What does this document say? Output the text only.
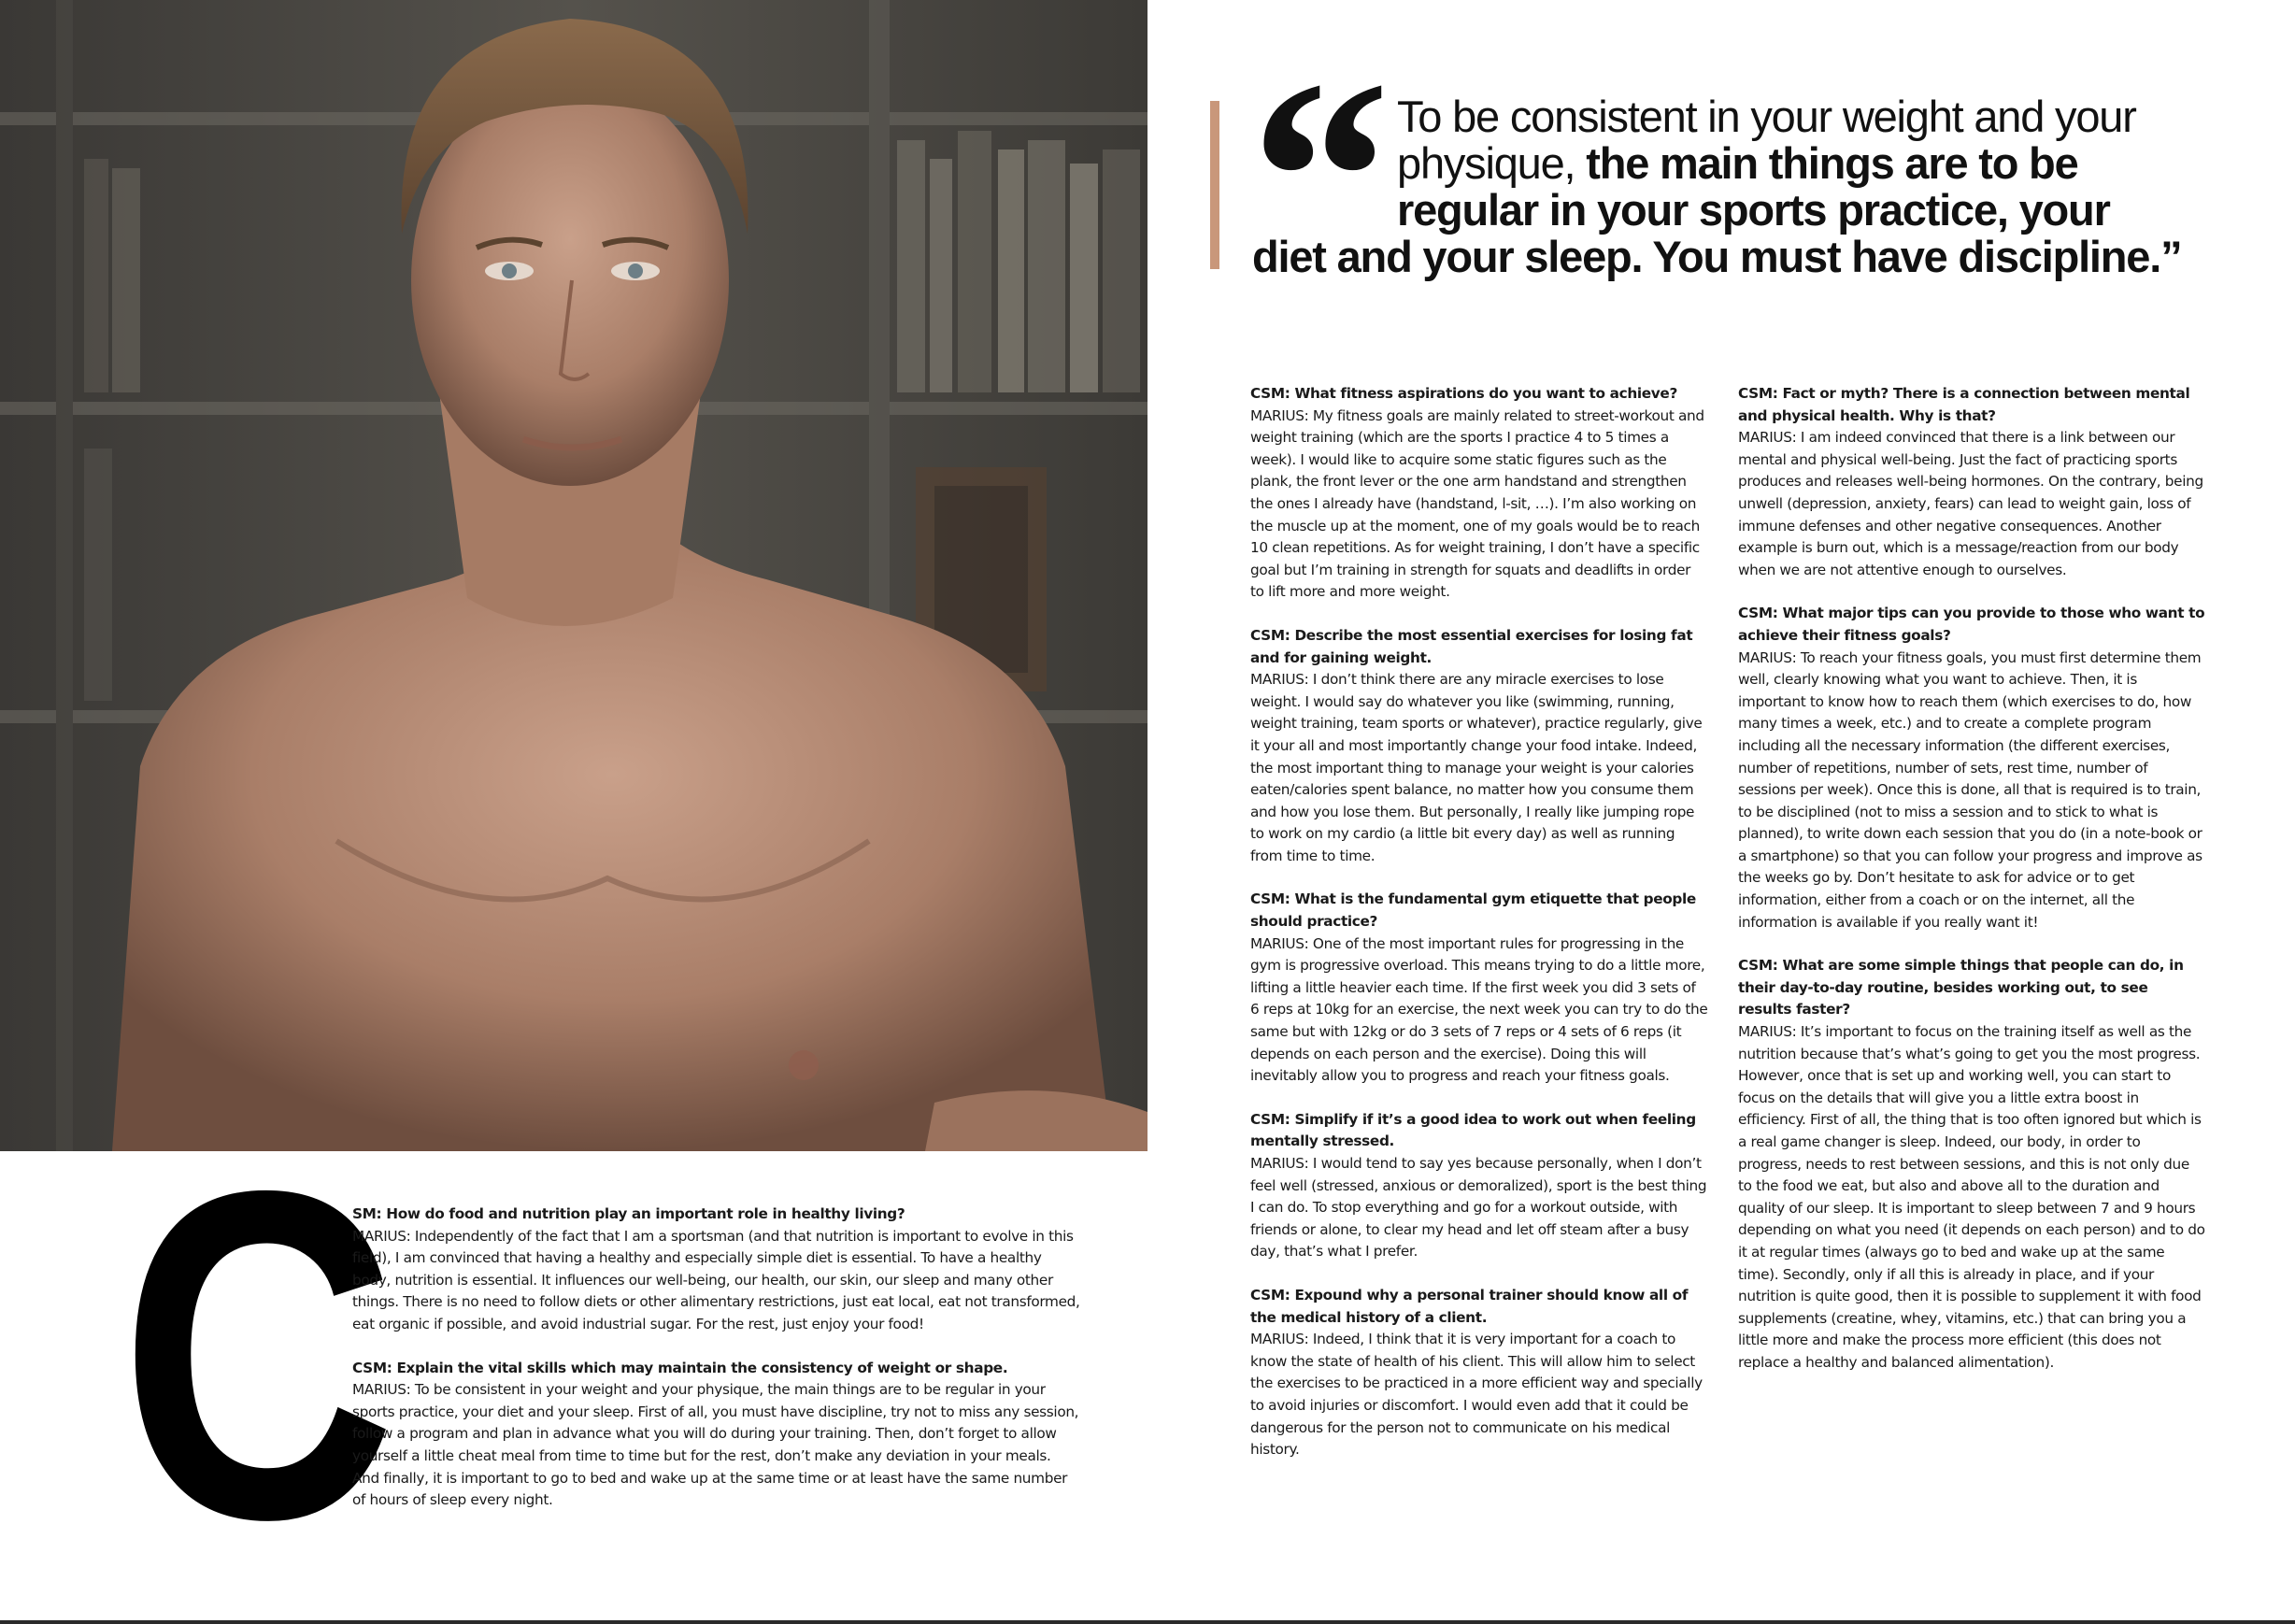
“ To be consistent in your weight and your
physique, the main things are to be
regular in your sports practice, your
diet and your sleep. You must have discipline.”
CSM: What fitness aspirations do you want to achieve?
MARIUS: My fitness goals are mainly related to street-workout and weight training (which are the sports I practice 4 to 5 times a week). I would like to acquire some static figures such as the plank, the front lever or the one arm handstand and strengthen the ones I already have (handstand, l-sit, …). I’m also working on the muscle up at the moment, one of my goals would be to reach 10 clean repetitions. As for weight training, I don’t have a specific goal but I’m training in strength for squats and deadlifts in order to lift more and more weight.
CSM: Describe the most essential exercises for losing fat and for gaining weight.
MARIUS: I don’t think there are any miracle exercises to lose weight. I would say do whatever you like (swimming, running, weight training, team sports or whatever), practice regularly, give it your all and most importantly change your food intake. Indeed, the most important thing to manage your weight is your calories eaten/calories spent balance, no matter how you consume them and how you lose them. But personally, I really like jumping rope to work on my cardio (a little bit every day) as well as running from time to time.
CSM: What is the fundamental gym etiquette that people should practice?
MARIUS: One of the most important rules for progressing in the gym is progressive overload. This means trying to do a little more, lifting a little heavier each time. If the first week you did 3 sets of 6 reps at 10kg for an exercise, the next week you can try to do the same but with 12kg or do 3 sets of 7 reps or 4 sets of 6 reps (it depends on each person and the exercise). Doing this will inevitably allow you to progress and reach your fitness goals.
CSM: Simplify if it’s a good idea to work out when feeling mentally stressed.
MARIUS: I would tend to say yes because personally, when I don’t feel well (stressed, anxious or demoralized), sport is the best thing I can do. To stop everything and go for a workout outside, with friends or alone, to clear my head and let off steam after a busy day, that’s what I prefer.
CSM: Expound why a personal trainer should know all of the medical history of a client.
MARIUS: Indeed, I think that it is very important for a coach to know the state of health of his client. This will allow him to select the exercises to be practiced in a more efficient way and specially to avoid injuries or discomfort. I would even add that it could be dangerous for the person not to communicate on his medical history.
CSM: Fact or myth? There is a connection between mental and physical health. Why is that?
MARIUS: I am indeed convinced that there is a link between our mental and physical well-being. Just the fact of practicing sports produces and releases well-being hormones. On the contrary, being unwell (depression, anxiety, fears) can lead to weight gain, loss of immune defenses and other negative consequences. Another example is burn out, which is a message/reaction from our body when we are not attentive enough to ourselves.
CSM: What major tips can you provide to those who want to achieve their fitness goals?
MARIUS: To reach your fitness goals, you must first determine them well, clearly knowing what you want to achieve. Then, it is important to know how to reach them (which exercises to do, how many times a week, etc.) and to create a complete program including all the necessary information (the different exercises, number of repetitions, number of sets, rest time, number of sessions per week). Once this is done, all that is required is to train, to be disciplined (not to miss a session and to stick to what is planned), to write down each session that you do (in a note-book or a smartphone) so that you can follow your progress and improve as the weeks go by. Don’t hesitate to ask for advice or to get information, either from a coach or on the internet, all the information is available if you really want it!
CSM: What are some simple things that people can do, in their day-to-day routine, besides working out, to see results faster?
MARIUS: It’s important to focus on the training itself as well as the nutrition because that’s what’s going to get you the most progress. However, once that is set up and working well, you can start to focus on the details that will give you a little extra boost in efficiency. First of all, the thing that is too often ignored but which is a real game changer is sleep. Indeed, our body, in order to progress, needs to rest between sessions, and this is not only due to the food we eat, but also and above all to the duration and quality of our sleep. It is important to sleep between 7 and 9 hours depending on what you need (it depends on each person) and to do it at regular times (always go to bed and wake up at the same time). Secondly, only if all this is already in place, and if your nutrition is quite good, then it is possible to supplement it with food supplements (creatine, whey, vitamins, etc.) that can bring you a little more and make the process more efficient (this does not replace a healthy and balanced alimentation).
C
SM: How do food and nutrition play an important role in healthy living?
MARIUS: Independently of the fact that I am a sportsman (and that nutrition is important to evolve in this field), I am convinced that having a healthy and especially simple diet is essential. To have a healthy body, nutrition is essential. It influences our well-being, our health, our skin, our sleep and many other things. There is no need to follow diets or other alimentary restrictions, just eat local, eat not transformed, eat organic if possible, and avoid industrial sugar. For the rest, just enjoy your food!
CSM: Explain the vital skills which may maintain the consistency of weight or shape.
MARIUS: To be consistent in your weight and your physique, the main things are to be regular in your sports practice, your diet and your sleep. First of all, you must have discipline, try not to miss any session, follow a program and plan in advance what you will do during your training. Then, don’t forget to allow yourself a little cheat meal from time to time but for the rest, don’t make any deviation in your meals. And finally, it is important to go to bed and wake up at the same time or at least have the same number of hours of sleep every night.
